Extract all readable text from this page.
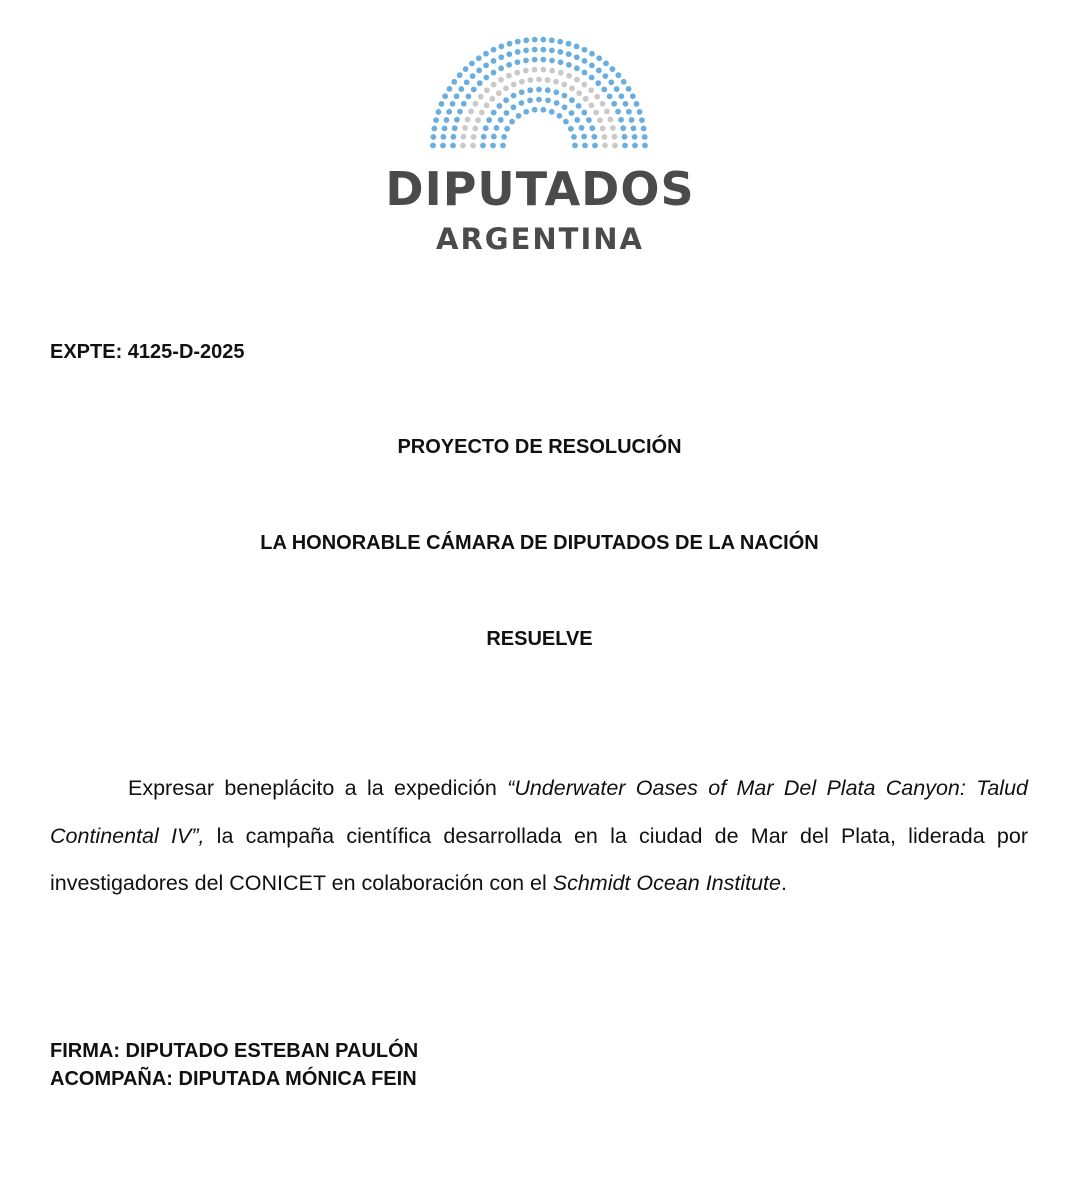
DIPUTADOS
ARGENTINA
EXPTE: 4125-D-2025
PROYECTO DE RESOLUCIÓN
LA HONORABLE CÁMARA DE DIPUTADOS DE LA NACIÓN
RESUELVE
Expresar beneplácito a la expedición “Underwater Oases of Mar Del Plata Canyon: Talud Continental IV”, la campaña científica desarrollada en la ciudad de Mar del Plata, liderada por investigadores del CONICET en colaboración con el Schmidt Ocean Institute.
FIRMA: DIPUTADO ESTEBAN PAULÓN
ACOMPAÑA: DIPUTADA MÓNICA FEIN
